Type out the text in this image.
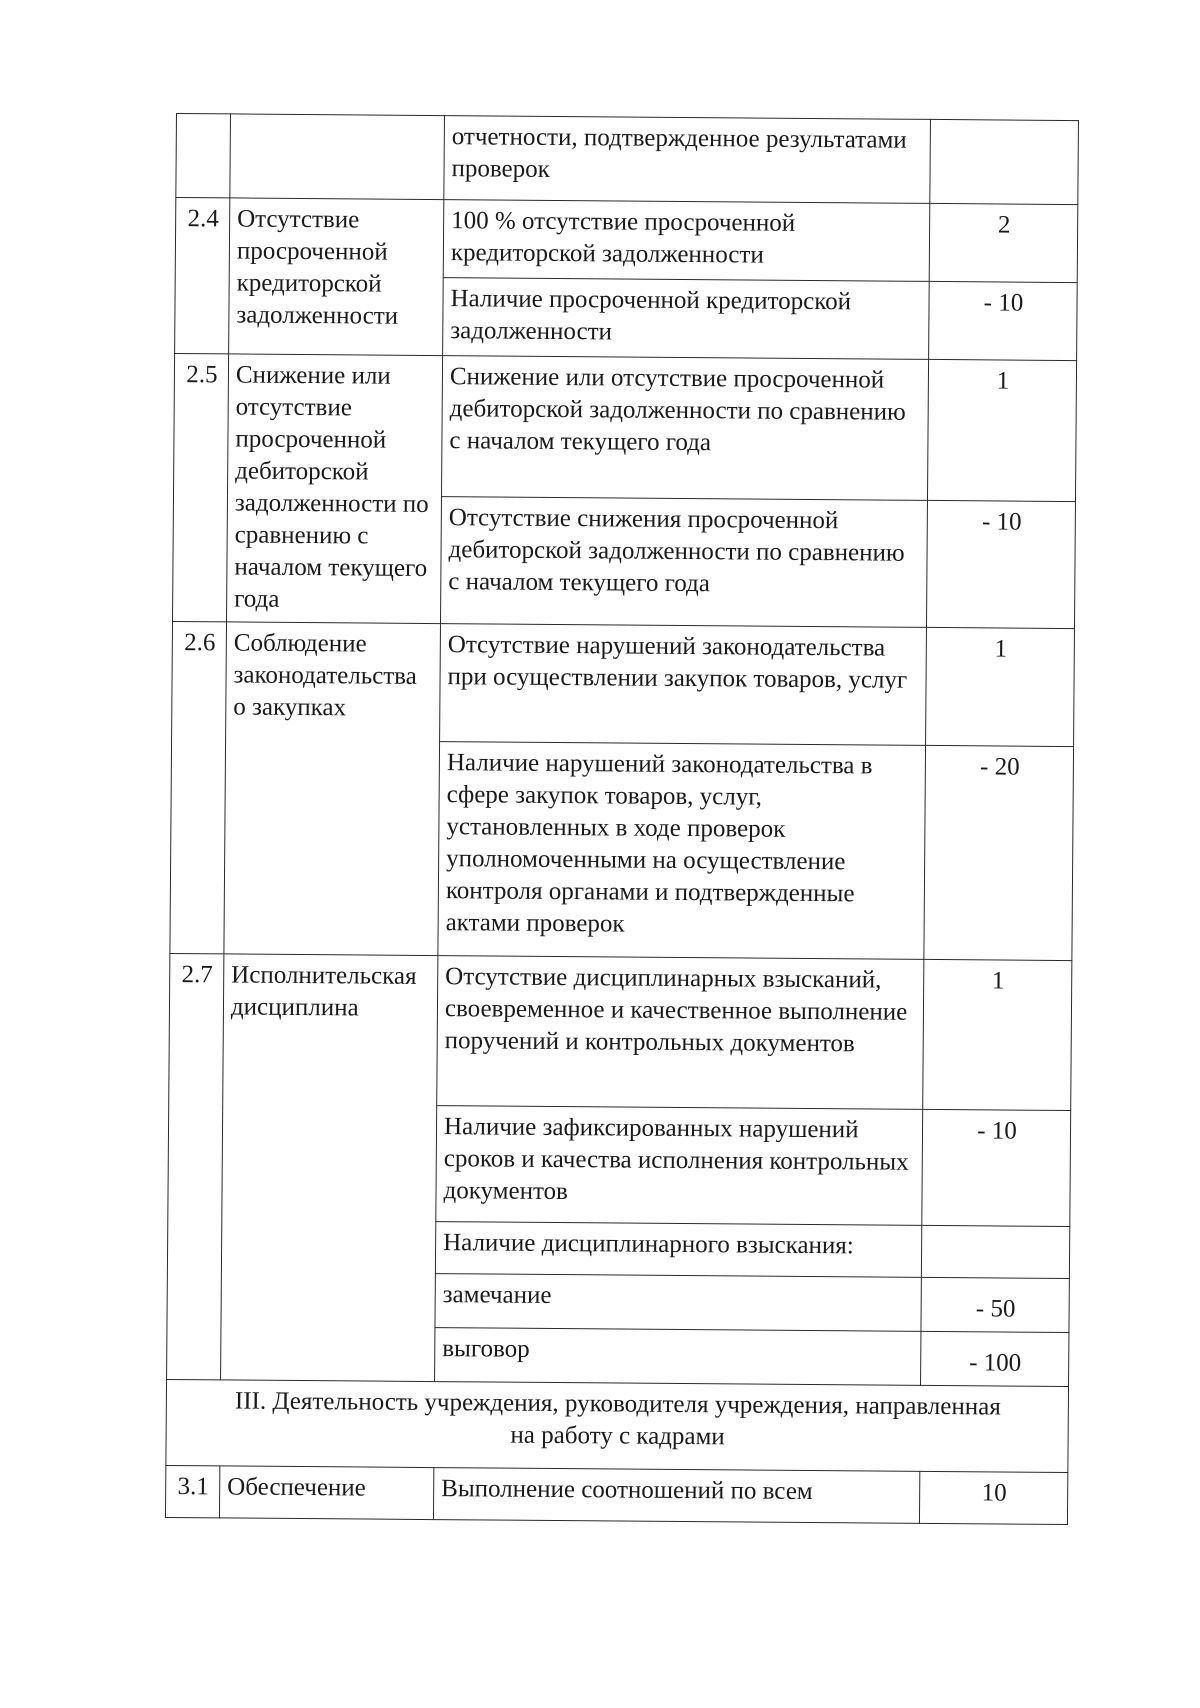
		отчетности, подтвержденное результатами проверок	

2.4	Отсутствие просроченной кредиторской задолженности	100 % отсутствие просроченной кредиторской задолженности	2

		Наличие просроченной кредиторской задолженности	- 10

2.5	Снижение или отсутствие просроченной дебиторской задолженности по сравнению с началом текущего года	Снижение или отсутствие просроченной дебиторской задолженности по сравнению с началом текущего года	1

		Отсутствие снижения просроченной дебиторской задолженности по сравнению с началом текущего года	- 10

2.6	Соблюдение законодательства о закупках	Отсутствие нарушений законодательства при осуществлении закупок товаров, услуг	1

		Наличие нарушений законодательства в сфере закупок товаров, услуг, установленных в ходе проверок уполномоченными на осуществление контроля органами и подтвержденные актами проверок	- 20

2.7	Исполнительская дисциплина	Отсутствие дисциплинарных взысканий, своевременное и качественное выполнение поручений и контрольных документов	1

		Наличие зафиксированных нарушений сроков и качества исполнения контрольных документов	- 10

		Наличие дисциплинарного взыскания:	

		замечание	- 50

		выговор	- 100

III. Деятельность учреждения, руководителя учреждения, направленная
на работу с кадрами			

3.1	Обеспечение	Выполнение соотношений по всем	10
